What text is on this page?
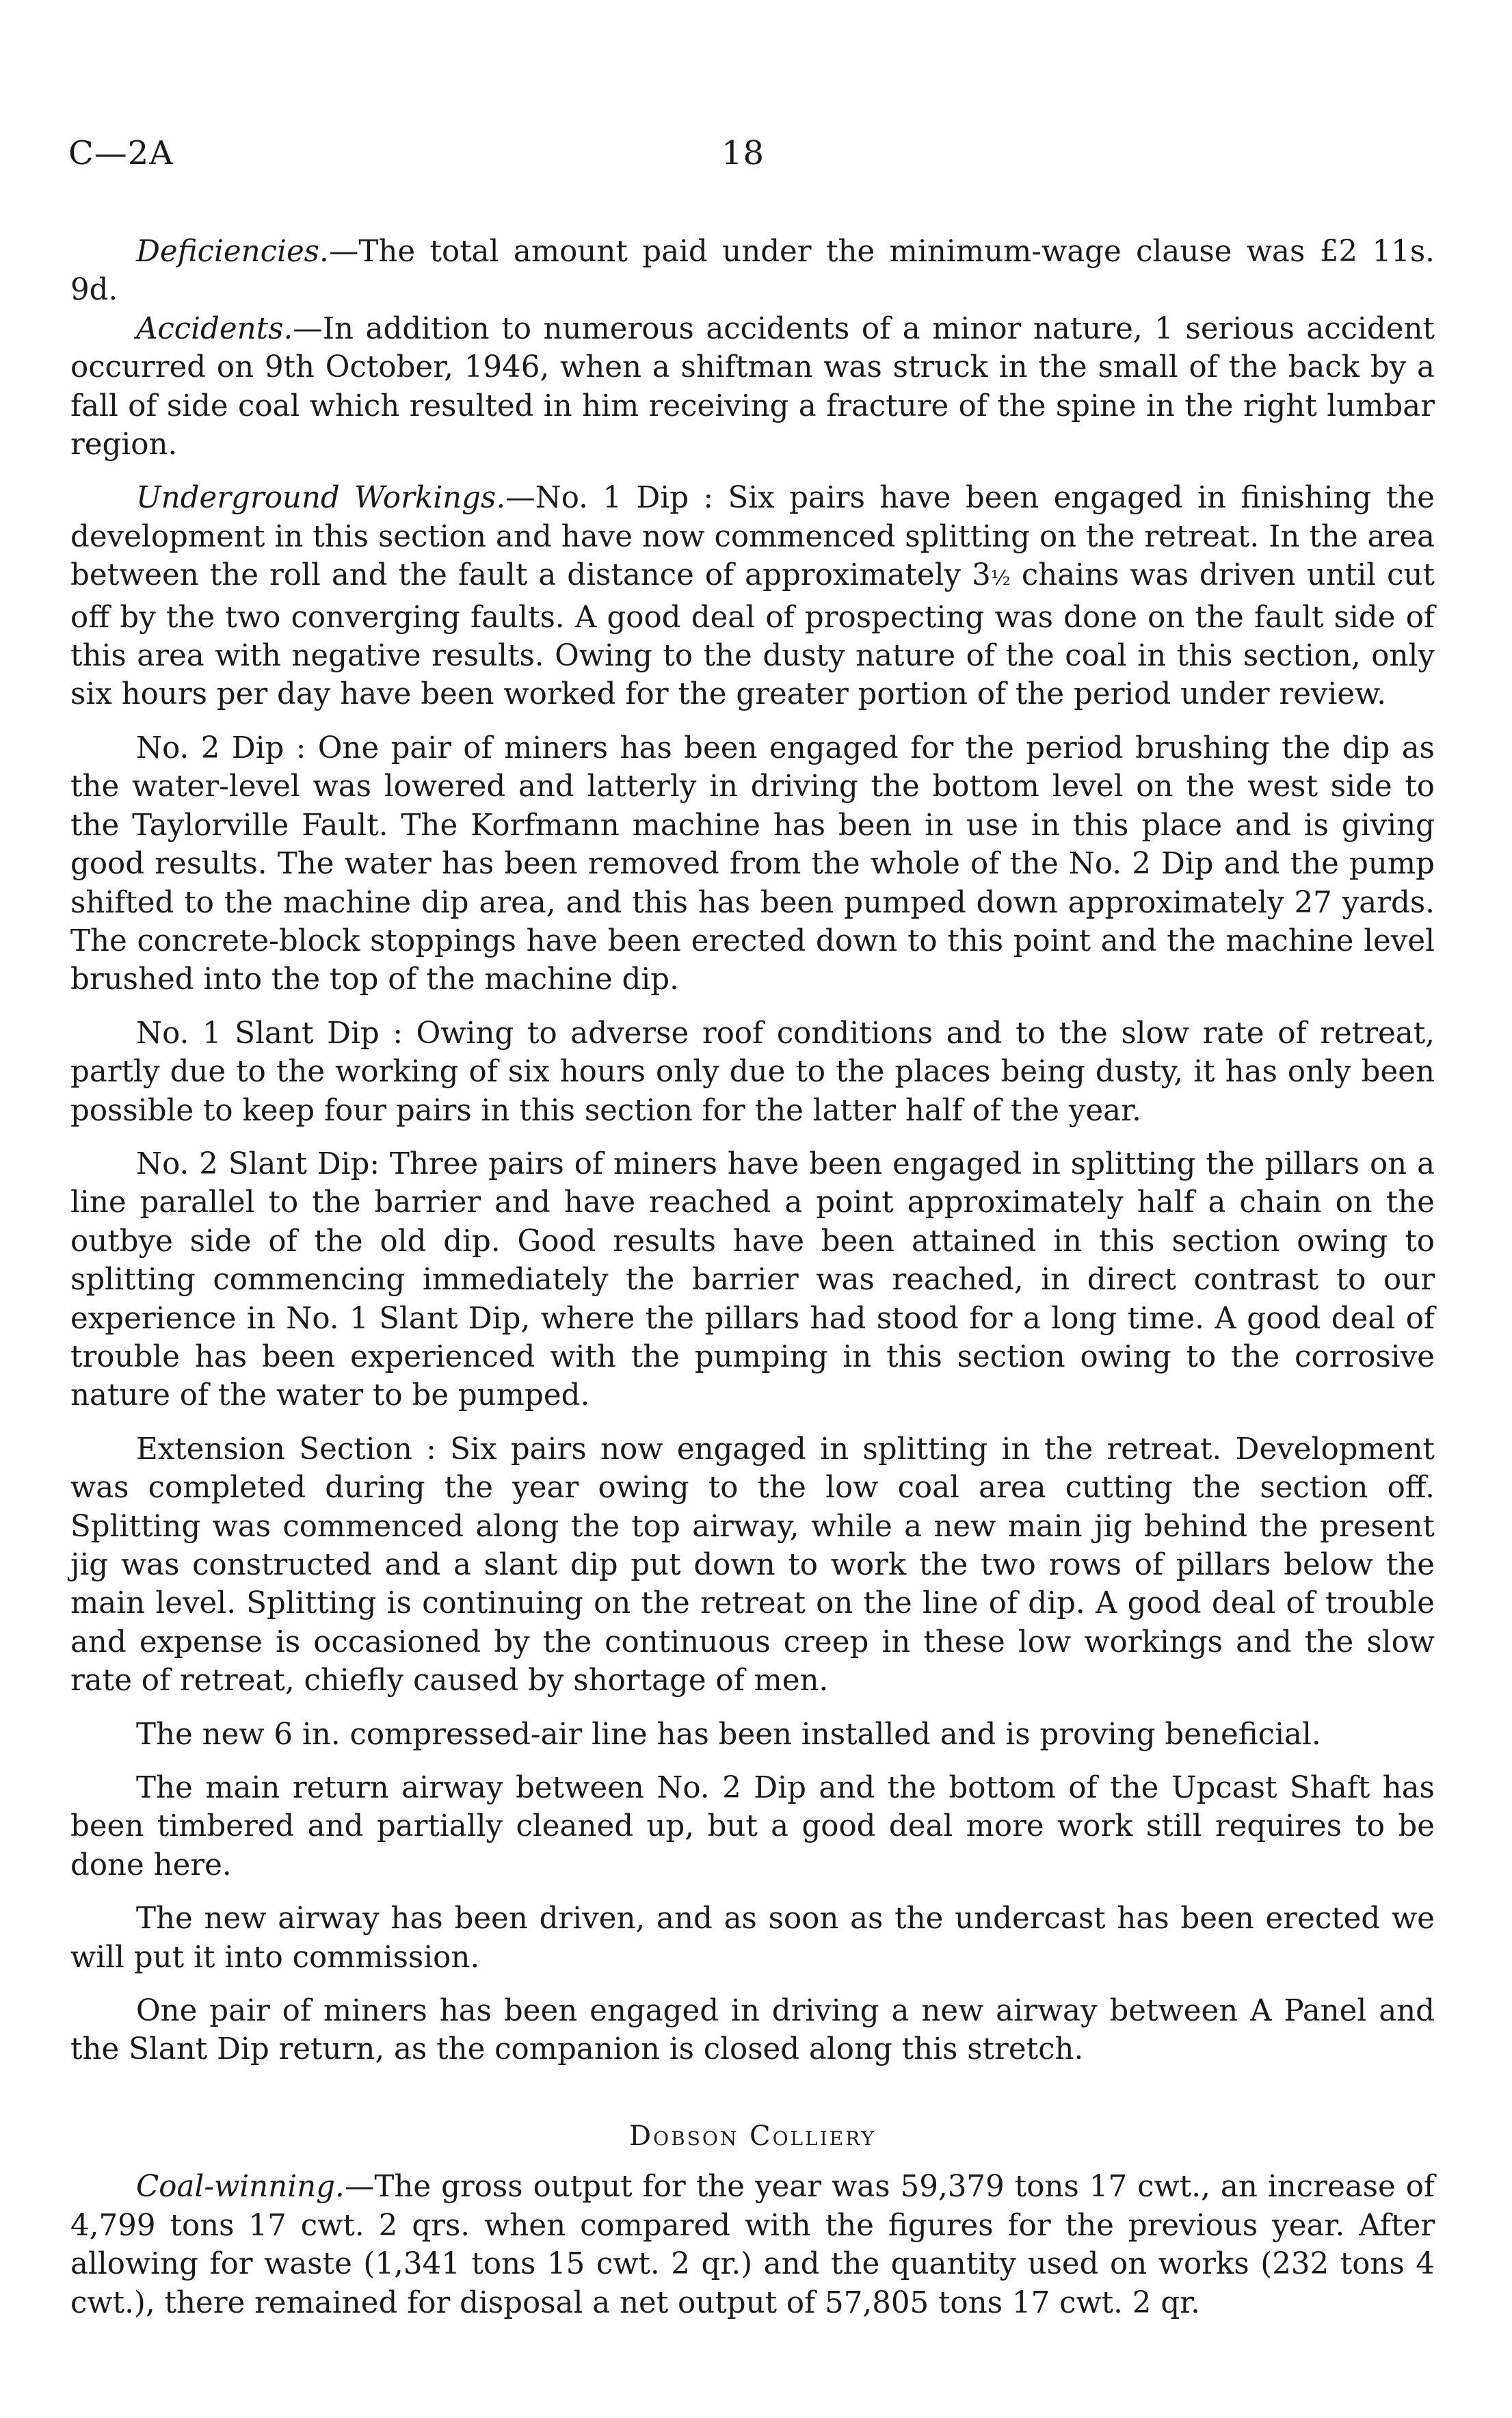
C—2A	18

Deficiencies.—The total amount paid under the minimum-wage clause was £2 11s. 9d.

Accidents.—In addition to numerous accidents of a minor nature, 1 serious accident occurred on 9th October, 1946, when a shiftman was struck in the small of the back by a fall of side coal which resulted in him receiving a fracture of the spine in the right lumbar region.

Underground Workings.—No. 1 Dip : Six pairs have been engaged in finishing the development in this section and have now commenced splitting on the retreat. In the area between the roll and the fault a distance of approximately 3½ chains was driven until cut off by the two converging faults. A good deal of prospecting was done on the fault side of this area with negative results. Owing to the dusty nature of the coal in this section, only six hours per day have been worked for the greater portion of the period under review.

No. 2 Dip : One pair of miners has been engaged for the period brushing the dip as the water-level was lowered and latterly in driving the bottom level on the west side to the Taylorville Fault. The Korfmann machine has been in use in this place and is giving good results. The water has been removed from the whole of the No. 2 Dip and the pump shifted to the machine dip area, and this has been pumped down approximately 27 yards. The concrete-block stoppings have been erected down to this point and the machine level brushed into the top of the machine dip.

No. 1 Slant Dip : Owing to adverse roof conditions and to the slow rate of retreat, partly due to the working of six hours only due to the places being dusty, it has only been possible to keep four pairs in this section for the latter half of the year.

No. 2 Slant Dip: Three pairs of miners have been engaged in splitting the pillars on a line parallel to the barrier and have reached a point approximately half a chain on the outbye side of the old dip. Good results have been attained in this section owing to splitting commencing immediately the barrier was reached, in direct contrast to our experience in No. 1 Slant Dip, where the pillars had stood for a long time. A good deal of trouble has been experienced with the pumping in this section owing to the corrosive nature of the water to be pumped.

Extension Section : Six pairs now engaged in splitting in the retreat. Development was completed during the year owing to the low coal area cutting the section off. Splitting was commenced along the top airway, while a new main jig behind the present jig was constructed and a slant dip put down to work the two rows of pillars below the main level. Splitting is continuing on the retreat on the line of dip. A good deal of trouble and expense is occasioned by the continuous creep in these low workings and the slow rate of retreat, chiefly caused by shortage of men.

The new 6 in. compressed-air line has been installed and is proving beneficial.

The main return airway between No. 2 Dip and the bottom of the Upcast Shaft has been timbered and partially cleaned up, but a good deal more work still requires to be done here.

The new airway has been driven, and as soon as the undercast has been erected we will put it into commission.

One pair of miners has been engaged in driving a new airway between A Panel and the Slant Dip return, as the companion is closed along this stretch.

Dobson Colliery

Coal-winning.—The gross output for the year was 59,379 tons 17 cwt., an increase of 4,799 tons 17 cwt. 2 qrs. when compared with the figures for the previous year. After allowing for waste (1,341 tons 15 cwt. 2 qr.) and the quantity used on works (232 tons 4 cwt.), there remained for disposal a net output of 57,805 tons 17 cwt. 2 qr.
